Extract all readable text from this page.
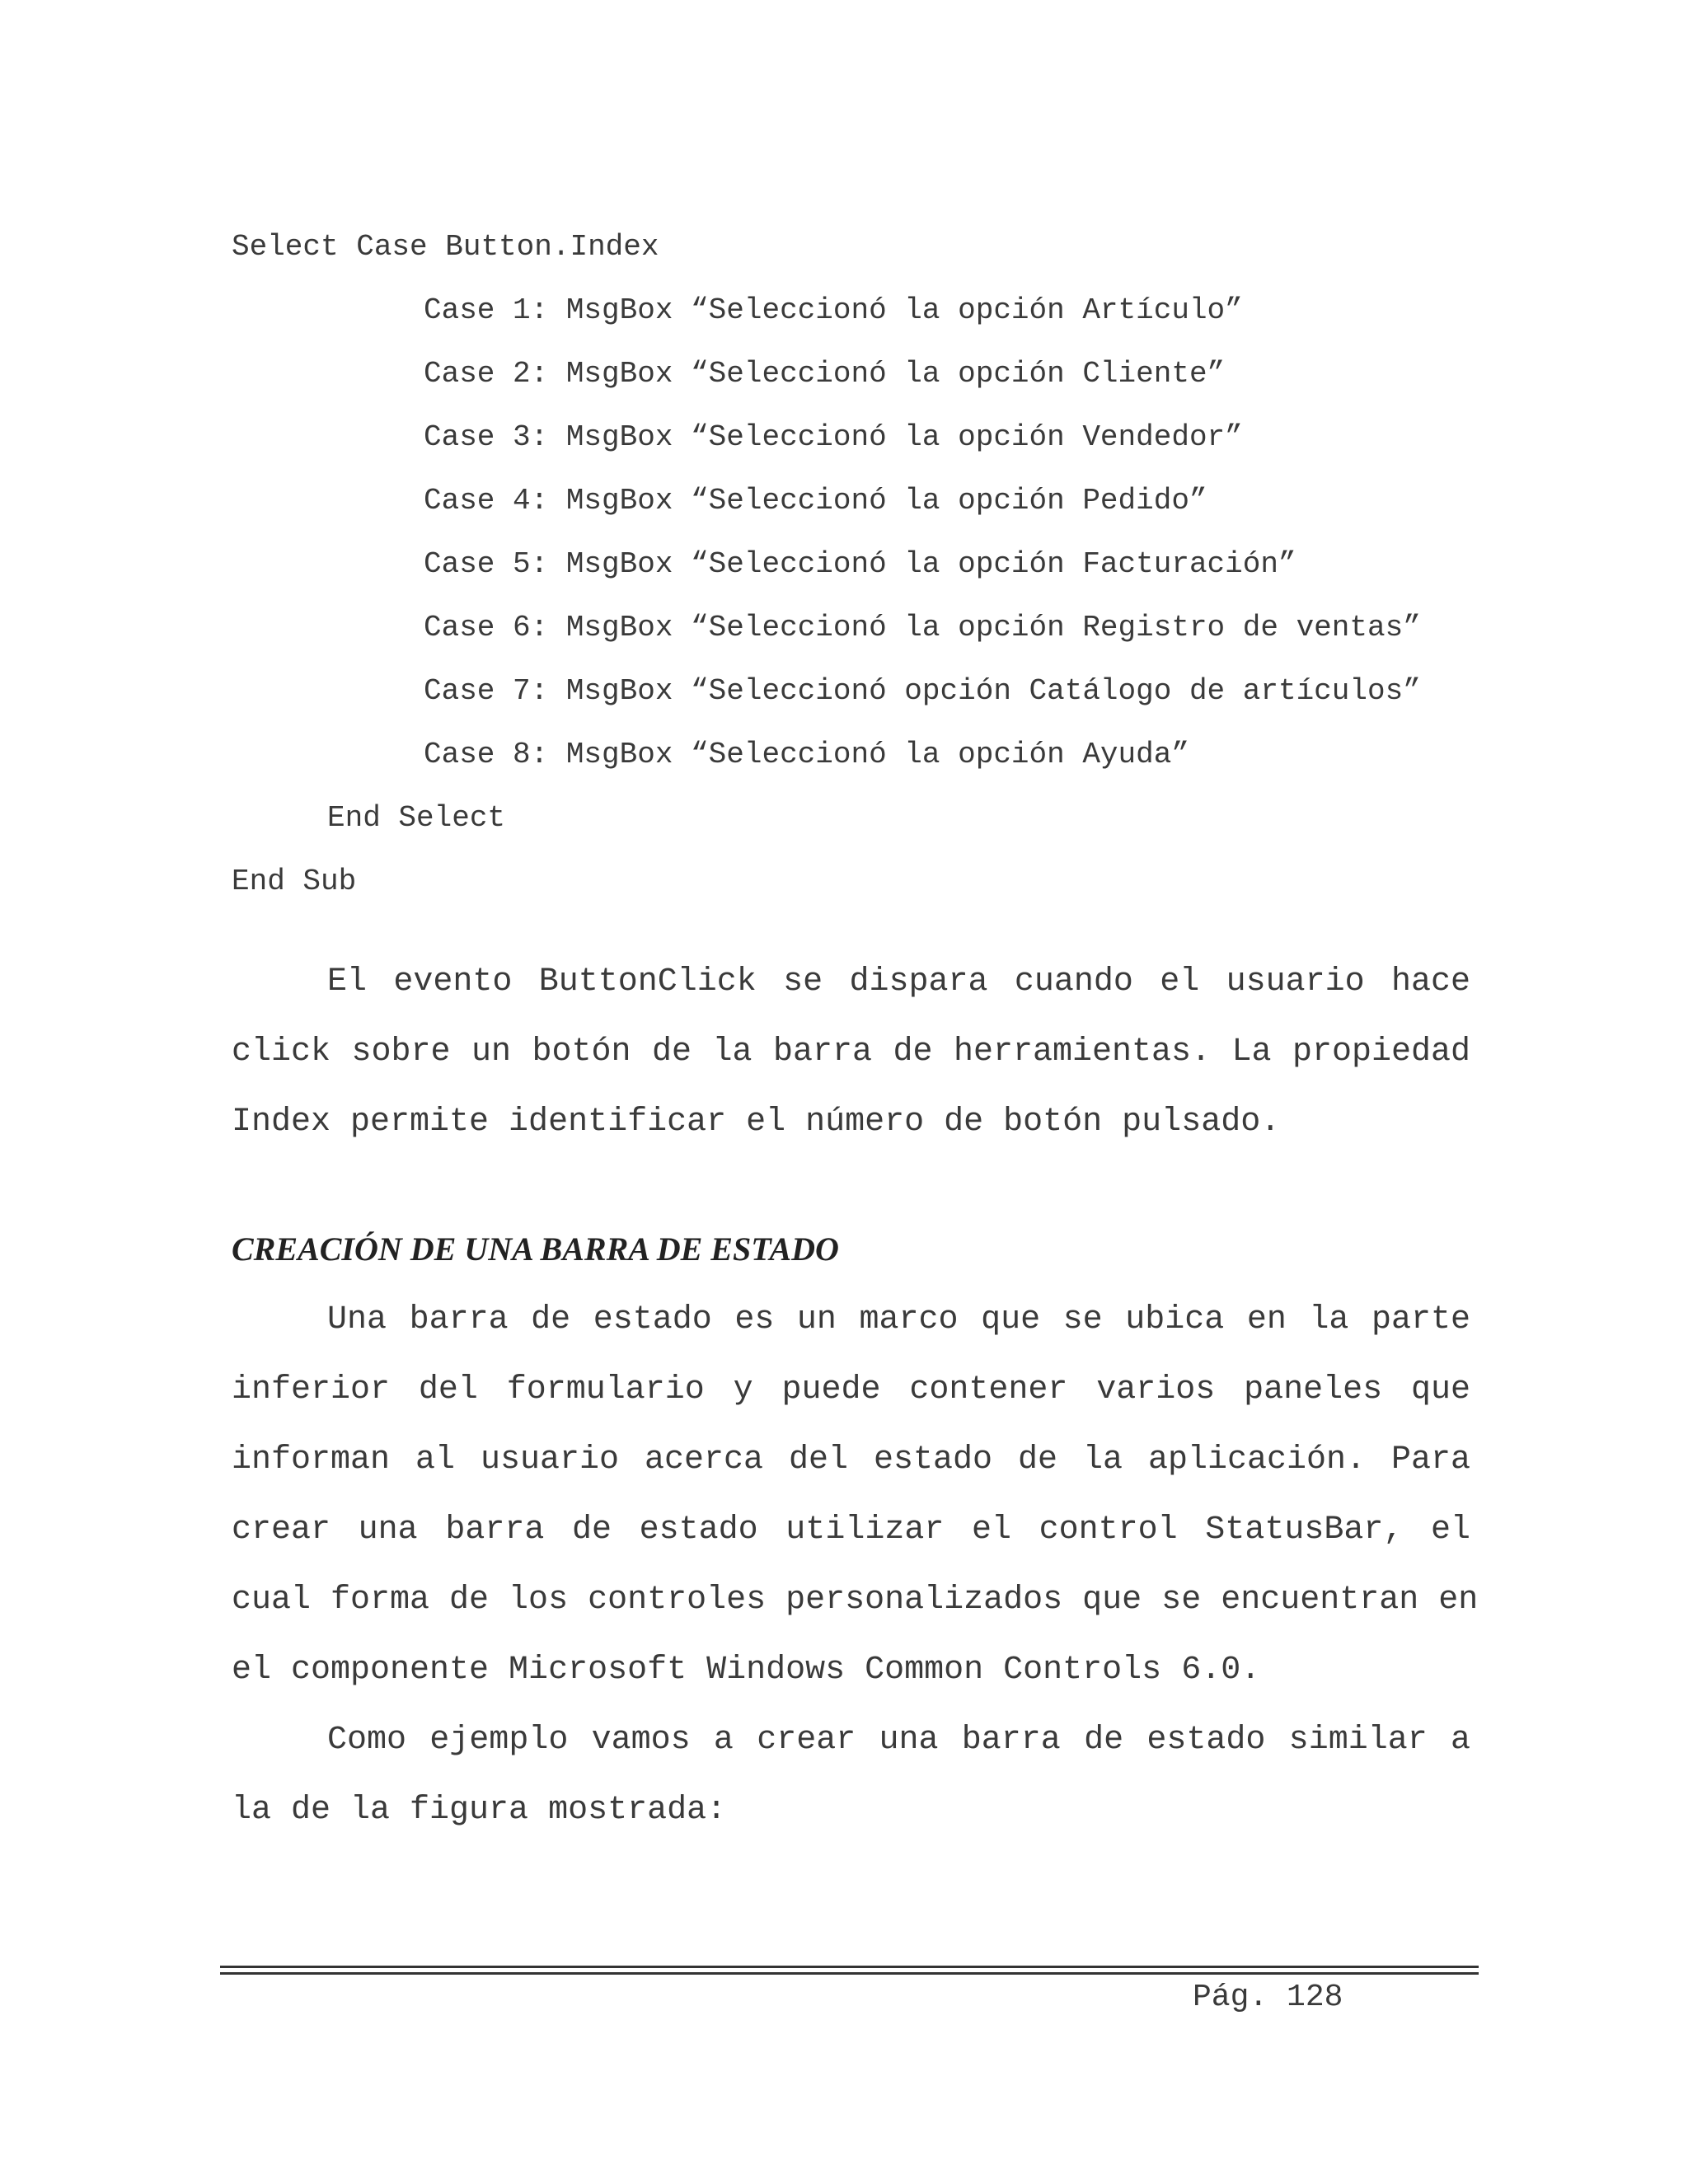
Select Case Button.Index
Case 1: MsgBox “Seleccionó la opción Artículo”
Case 2: MsgBox “Seleccionó la opción Cliente”
Case 3: MsgBox “Seleccionó la opción Vendedor”
Case 4: MsgBox “Seleccionó la opción Pedido”
Case 5: MsgBox “Seleccionó la opción Facturación”
Case 6: MsgBox “Seleccionó la opción Registro de ventas”
Case 7: MsgBox “Seleccionó opción Catálogo de artículos”
Case 8: MsgBox “Seleccionó la opción Ayuda”
End Select
End Sub
El evento ButtonClick se dispara cuando el usuario hace
click sobre un botón de la barra de herramientas. La propiedad
Index permite identificar el número de botón pulsado.
CREACIÓN DE UNA BARRA DE ESTADO
Una barra de estado es un marco que se ubica en la parte
inferior del formulario y puede contener varios paneles que
informan al usuario acerca del estado de la aplicación. Para
crear una barra de estado utilizar el control StatusBar, el
cual forma de los controles personalizados que se encuentran en
el componente Microsoft Windows Common Controls 6.0.
Como ejemplo vamos a crear una barra de estado similar a
la de la figura mostrada:
Pág. 128
